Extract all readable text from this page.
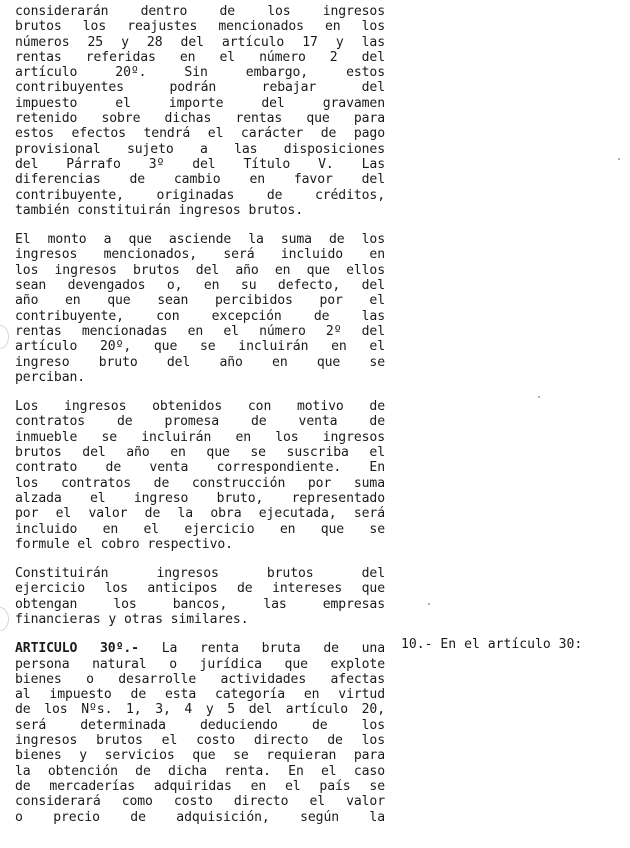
considerarán dentro de los ingresos
brutos los reajustes mencionados en los
números 25 y 28 del artículo 17 y las
rentas referidas en el número 2 del
artículo 20º. Sin embargo, estos
contribuyentes podrán rebajar del
impuesto el importe del gravamen
retenido sobre dichas rentas que para
estos efectos tendrá el carácter de pago
provisional sujeto a las disposiciones
del Párrafo 3º del Título V. Las
diferencias de cambio en favor del
contribuyente, originadas de créditos,
también constituirán ingresos brutos.
El monto a que asciende la suma de los
ingresos mencionados, será incluido en
los ingresos brutos del año en que ellos
sean devengados o, en su defecto, del
año en que sean percibidos por el
contribuyente, con excepción de las
rentas mencionadas en el número 2º del
artículo 20º, que se incluirán en el
ingreso bruto del año en que se
perciban.
Los ingresos obtenidos con motivo de
contratos de promesa de venta de
inmueble se incluirán en los ingresos
brutos del año en que se suscriba el
contrato de venta correspondiente. En
los contratos de construcción por suma
alzada el ingreso bruto, representado
por el valor de la obra ejecutada, será
incluido en el ejercicio en que se
formule el cobro respectivo.
Constituirán ingresos brutos del
ejercicio los anticipos de intereses que
obtengan los bancos, las empresas
financieras y otras similares.
ARTICULO 30º.- La renta bruta de una
persona natural o jurídica que explote
bienes o desarrolle actividades afectas
al impuesto de esta categoría en virtud
de los Nºs. 1, 3, 4 y 5 del artículo 20,
será determinada deduciendo de los
ingresos brutos el costo directo de los
bienes y servicios que se requieran para
la obtención de dicha renta. En el caso
de mercaderías adquiridas en el país se
considerará como costo directo el valor
o precio de adquisición, según la
10.- En el artículo 30:
